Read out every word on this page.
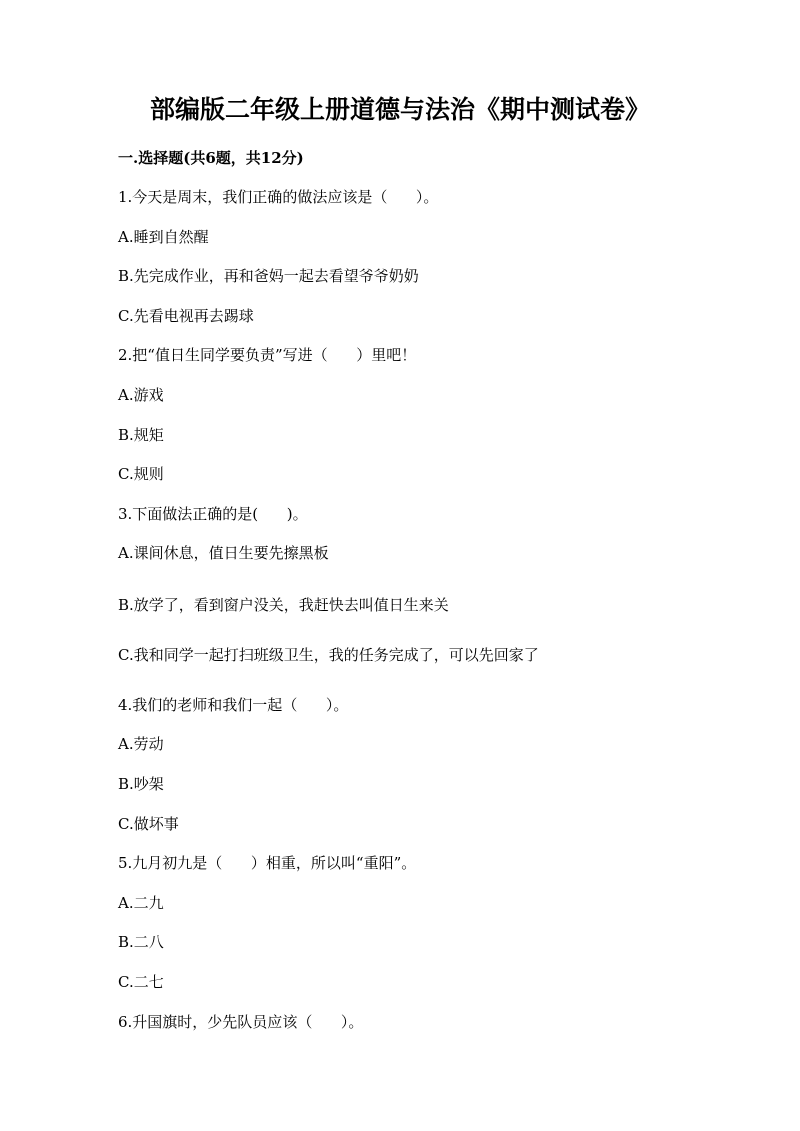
部编版二年级上册道德与法治《期中测试卷》
一.选择题(共6题，共12分)
1.今天是周末，我们正确的做法应该是（      ）。
A.睡到自然醒
B.先完成作业，再和爸妈一起去看望爷爷奶奶
C.先看电视再去踢球
2.把“值日生同学要负责”写进（      ）里吧！
A.游戏
B.规矩
C.规则
3.下面做法正确的是(      )。
A.课间休息，值日生要先擦黑板
B.放学了，看到窗户没关，我赶快去叫值日生来关
C.我和同学一起打扫班级卫生，我的任务完成了，可以先回家了
4.我们的老师和我们一起（      ）。
A.劳动
B.吵架
C.做坏事
5.九月初九是（      ）相重，所以叫“重阳”。
A.二九
B.二八
C.二七
6.升国旗时，少先队员应该（      ）。
